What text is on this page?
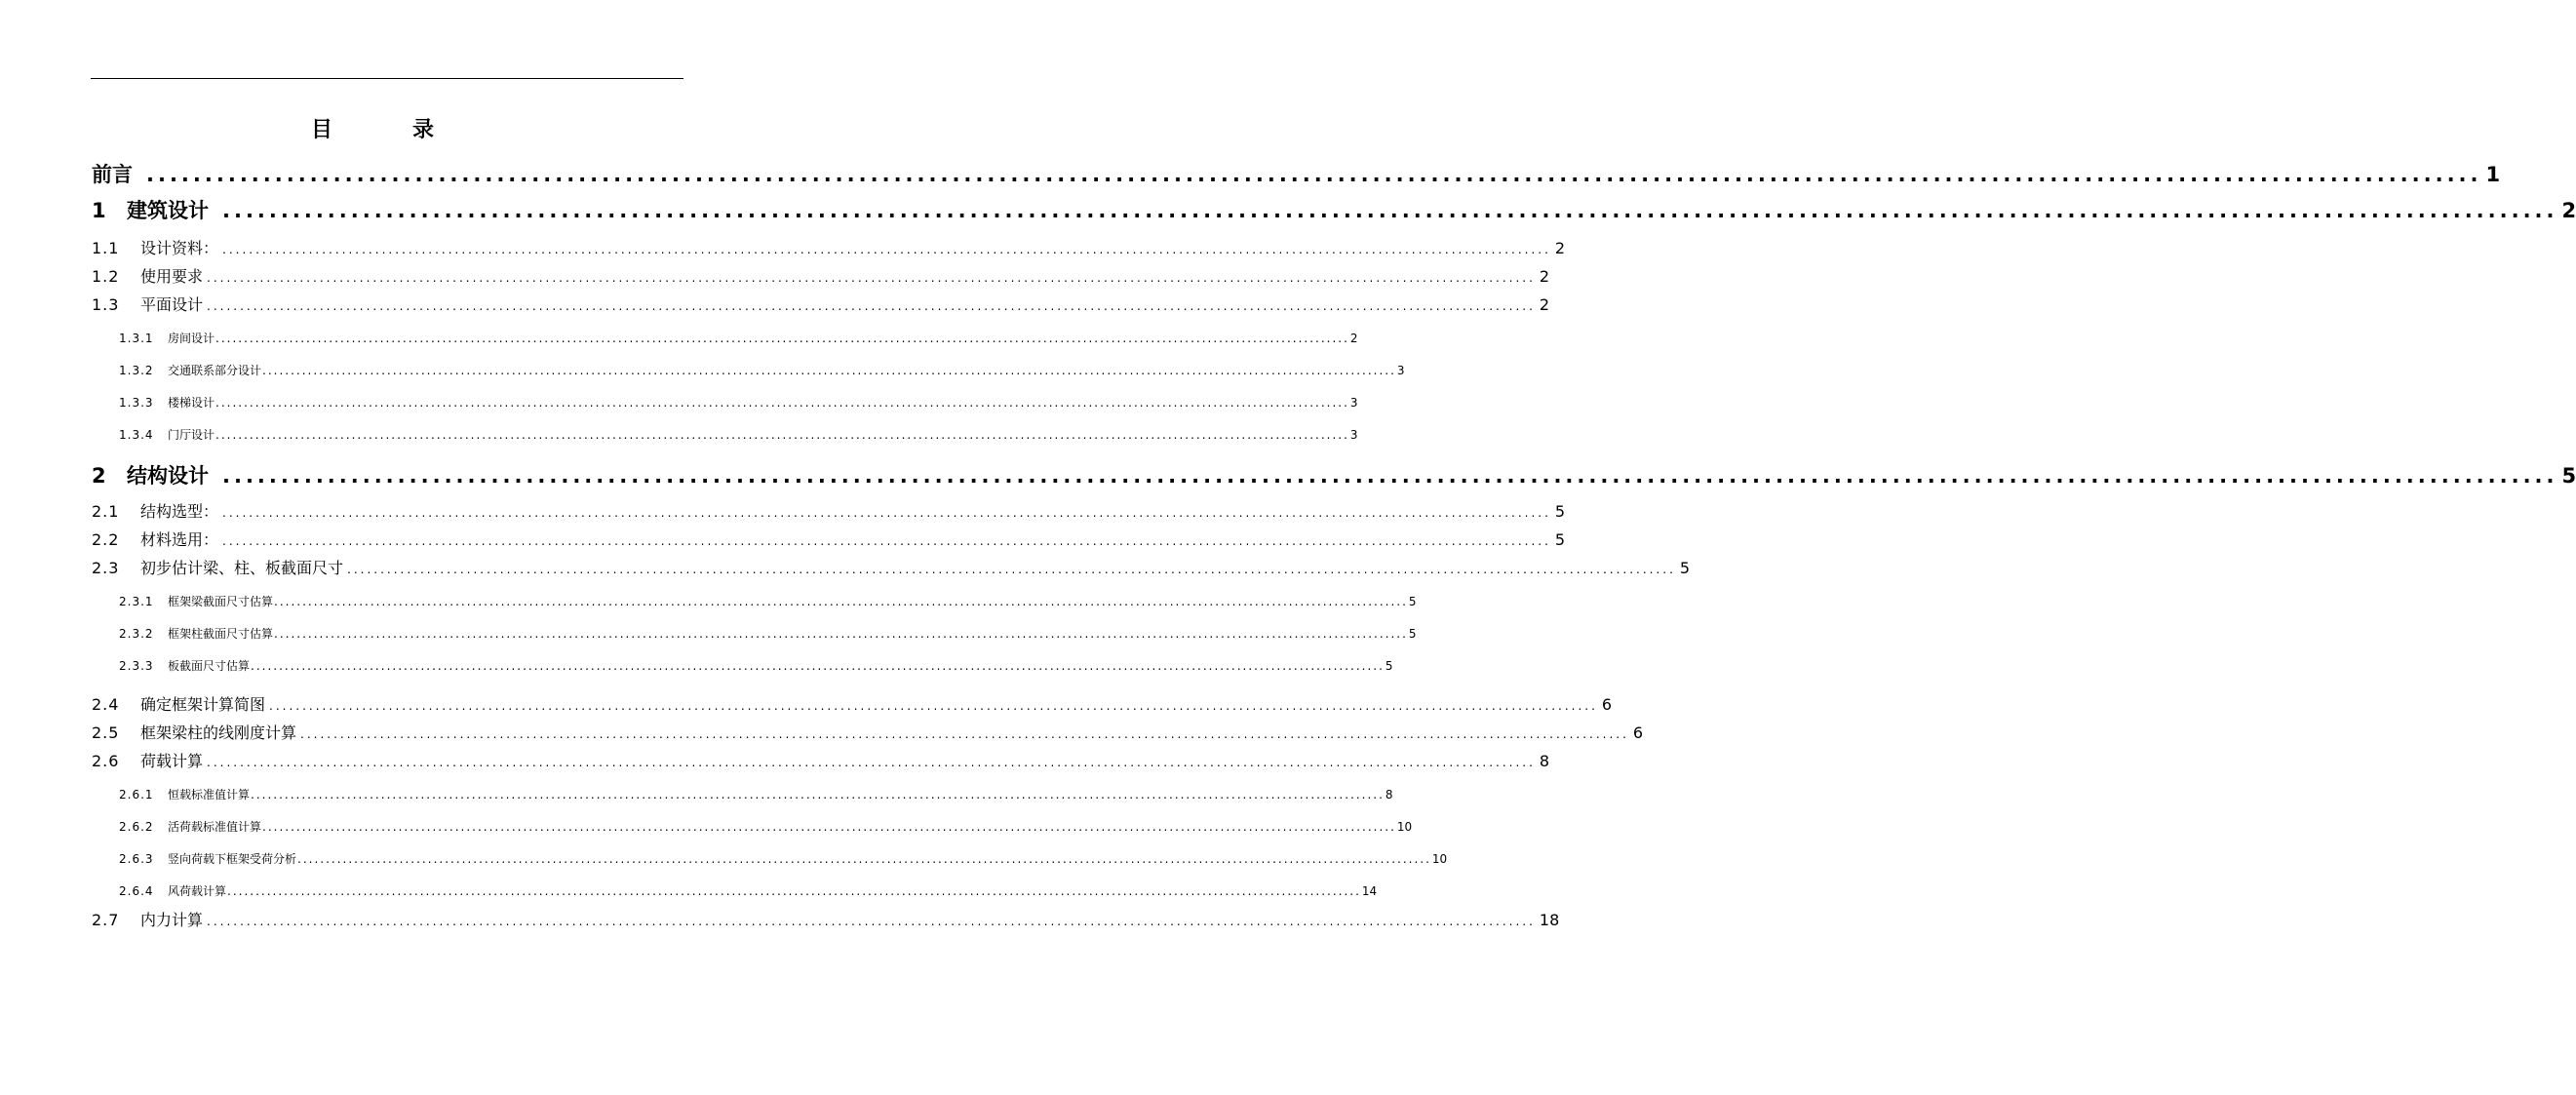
目　录
前言 ........................................................................................................................................................................................................ 1
1 建筑设计 ........................................................................................................................................................................................................ 2
1.1 设计资料： ........................................................................................................................................................................................................ 2
1.2 使用要求 ........................................................................................................................................................................................................ 2
1.3 平面设计 ........................................................................................................................................................................................................ 2
1.3.1 房间设计 ........................................................................................................................................................................................................ 2
1.3.2 交通联系部分设计 ........................................................................................................................................................................................................ 3
1.3.3 楼梯设计 ........................................................................................................................................................................................................ 3
1.3.4 门厅设计 ........................................................................................................................................................................................................ 3
2 结构设计 ........................................................................................................................................................................................................ 5
2.1 结构选型： ........................................................................................................................................................................................................ 5
2.2 材料选用： ........................................................................................................................................................................................................ 5
2.3 初步估计梁、柱、板截面尺寸 ........................................................................................................................................................................................................ 5
2.3.1 框架梁截面尺寸估算 ........................................................................................................................................................................................................ 5
2.3.2 框架柱截面尺寸估算 ........................................................................................................................................................................................................ 5
2.3.3 板截面尺寸估算 ........................................................................................................................................................................................................ 5
2.4 确定框架计算简图 ........................................................................................................................................................................................................ 6
2.5 框架梁柱的线刚度计算 ........................................................................................................................................................................................................ 6
2.6 荷载计算 ........................................................................................................................................................................................................ 8
2.6.1 恒载标准值计算 ........................................................................................................................................................................................................ 8
2.6.2 活荷载标准值计算 ........................................................................................................................................................................................................ 10
2.6.3 竖向荷载下框架受荷分析 ........................................................................................................................................................................................................ 10
2.6.4 风荷载计算 ........................................................................................................................................................................................................ 14
2.7 内力计算 ........................................................................................................................................................................................................ 18
